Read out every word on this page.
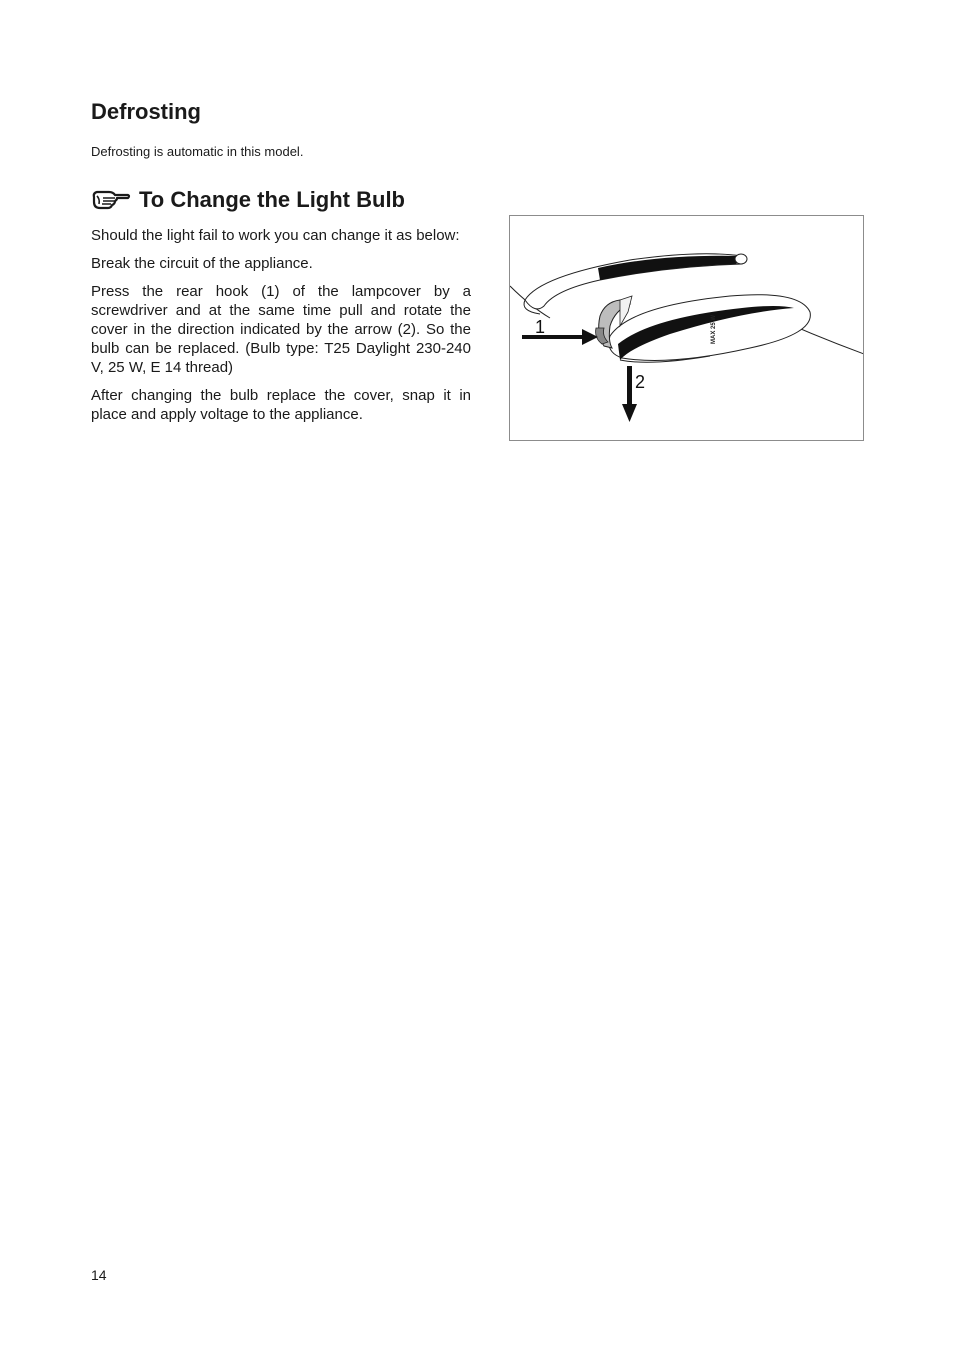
Defrosting

Defrosting is automatic in this model.

To Change the Light Bulb

Should the light fail to work you can change it as below:

Break the circuit of the appliance.

Press the rear hook (1) of the lampcover by a screwdriver and at the same time pull and rotate the cover in the direction indicated by the arrow (2). So the bulb can be replaced. (Bulb type: T25 Daylight 230-240 V, 25 W, E 14 thread)

After changing the bulb replace the cover, snap it in place and apply voltage to the appliance.

MAX 25 W
1
2
14
